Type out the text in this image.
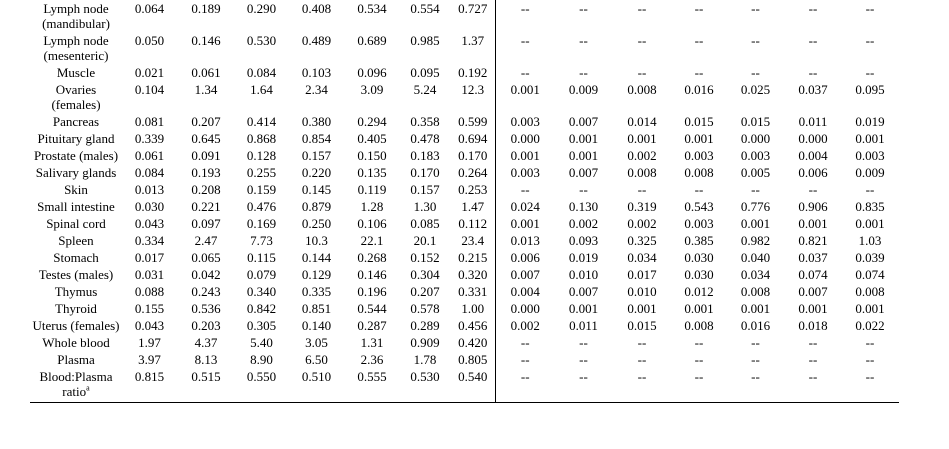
Lymph node (mandibular)	0.064	0.189	0.290	0.408	0.534	0.554	0.727	--	--	--	--	--	--	--
Lymph node (mesenteric)	0.050	0.146	0.530	0.489	0.689	0.985	1.37	--	--	--	--	--	--	--
Muscle	0.021	0.061	0.084	0.103	0.096	0.095	0.192	--	--	--	--	--	--	--
Ovaries (females)	0.104	1.34	1.64	2.34	3.09	5.24	12.3	0.001	0.009	0.008	0.016	0.025	0.037	0.095
Pancreas	0.081	0.207	0.414	0.380	0.294	0.358	0.599	0.003	0.007	0.014	0.015	0.015	0.011	0.019
Pituitary gland	0.339	0.645	0.868	0.854	0.405	0.478	0.694	0.000	0.001	0.001	0.001	0.000	0.000	0.001
Prostate (males)	0.061	0.091	0.128	0.157	0.150	0.183	0.170	0.001	0.001	0.002	0.003	0.003	0.004	0.003
Salivary glands	0.084	0.193	0.255	0.220	0.135	0.170	0.264	0.003	0.007	0.008	0.008	0.005	0.006	0.009
Skin	0.013	0.208	0.159	0.145	0.119	0.157	0.253	--	--	--	--	--	--	--
Small intestine	0.030	0.221	0.476	0.879	1.28	1.30	1.47	0.024	0.130	0.319	0.543	0.776	0.906	0.835
Spinal cord	0.043	0.097	0.169	0.250	0.106	0.085	0.112	0.001	0.002	0.002	0.003	0.001	0.001	0.001
Spleen	0.334	2.47	7.73	10.3	22.1	20.1	23.4	0.013	0.093	0.325	0.385	0.982	0.821	1.03
Stomach	0.017	0.065	0.115	0.144	0.268	0.152	0.215	0.006	0.019	0.034	0.030	0.040	0.037	0.039
Testes (males)	0.031	0.042	0.079	0.129	0.146	0.304	0.320	0.007	0.010	0.017	0.030	0.034	0.074	0.074
Thymus	0.088	0.243	0.340	0.335	0.196	0.207	0.331	0.004	0.007	0.010	0.012	0.008	0.007	0.008
Thyroid	0.155	0.536	0.842	0.851	0.544	0.578	1.00	0.000	0.001	0.001	0.001	0.001	0.001	0.001
Uterus (females)	0.043	0.203	0.305	0.140	0.287	0.289	0.456	0.002	0.011	0.015	0.008	0.016	0.018	0.022
Whole blood	1.97	4.37	5.40	3.05	1.31	0.909	0.420	--	--	--	--	--	--	--
Plasma	3.97	8.13	8.90	6.50	2.36	1.78	0.805	--	--	--	--	--	--	--
Blood:Plasma ratio$^a$	0.815	0.515	0.550	0.510	0.555	0.530	0.540	--	--	--	--	--	--	--
